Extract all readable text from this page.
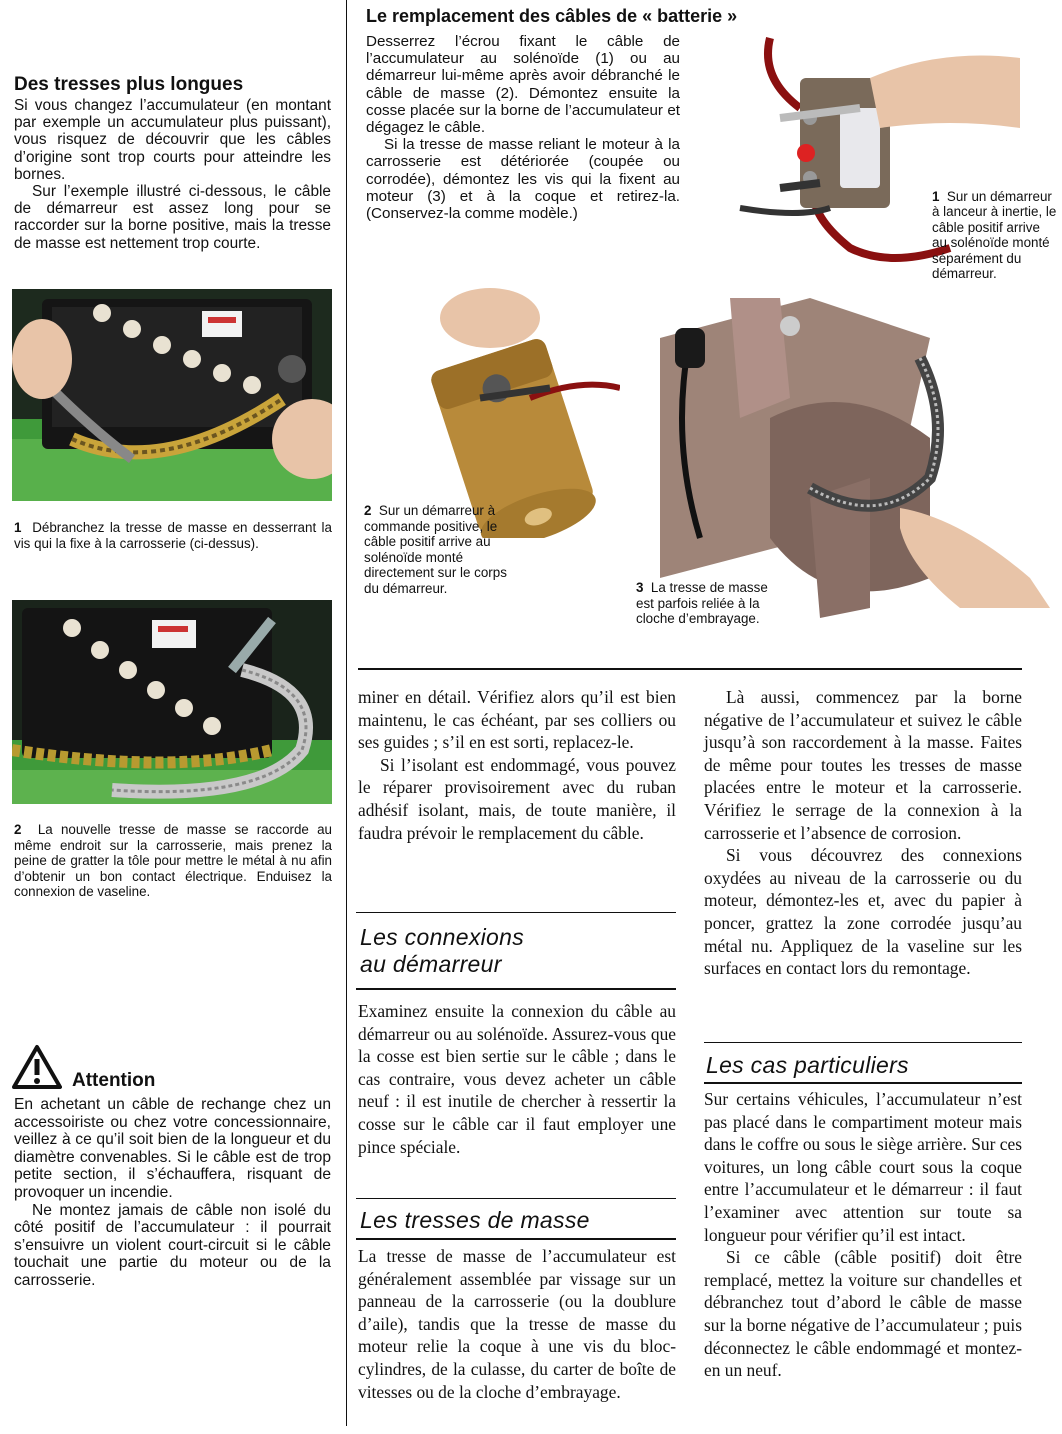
Des tresses plus longues

Si vous changez l’accumulateur (en montant par exemple un accumulateur plus puissant), vous risquez de découvrir que les câbles d’origine sont trop courts pour atteindre les bornes.

Sur l’exemple illustré ci-dessous, le câble de démarreur est assez long pour se raccorder sur la borne positive, mais la tresse de masse est nettement trop courte.

1 Débranchez la tresse de masse en desserrant la vis qui la fixe à la carrosserie (ci-dessus).
2 La nouvelle tresse de masse se raccorde au même endroit sur la carrosserie, mais prenez la peine de gratter la tôle pour mettre le métal à nu afin d’obtenir un bon contact électrique. Enduisez la connexion de vaseline.
Attention

En achetant un câble de rechange chez un accessoiriste ou chez votre concessionnaire, veillez à ce qu’il soit bien de la longueur et du diamètre convenables. Si le câble est de trop petite section, il s’échauffera, risquant de provoquer un incendie.

Ne montez jamais de câble non isolé du côté positif de l’accumulateur : il pourrait s’ensuivre un violent court-circuit si le câble touchait une partie du moteur ou de la carrosserie.

Le remplacement des câbles de « batterie »

Desserrez l’écrou fixant le câble de l’accumulateur au solénoïde (1) ou au démarreur lui-même après avoir débranché le câble de masse (2). Démontez ensuite la cosse placée sur la borne de l’accumulateur et dégagez le câble.

Si la tresse de masse reliant le moteur à la carrosserie est détériorée (coupée ou corrodée), démontez les vis qui la fixent au moteur (3) et à la coque et retirez-la. (Conservez-la comme modèle.)

1 Sur un démarreur à lanceur à inertie, le câble positif arrive au solénoïde monté séparément du démarreur.
2 Sur un démarreur à commande positive, le câble positif arrive au solénoïde monté directement sur le corps du démarreur.	3 La tresse de masse est parfois reliée à la cloche d’embrayage.

miner en détail. Vérifiez alors qu’il est bien maintenu, le cas échéant, par ses colliers ou ses guides ; s’il en est sorti, replacez-le.

Si l’isolant est endommagé, vous pouvez le réparer provisoirement avec du ruban adhésif isolant, mais, de toute manière, il faudra prévoir le remplacement du câble.

Les connexions
au démarreur

Examinez ensuite la connexion du câble au démarreur ou au solénoïde. Assurez-vous que la cosse est bien sertie sur le câble ; dans le cas contraire, vous devez acheter un câble neuf : il est inutile de chercher à ressertir la cosse sur le câble car il faut employer une pince spéciale.

Les tresses de masse

La tresse de masse de l’accumulateur est généralement assemblée par vissage sur un panneau de la carrosserie (ou la doublure d’aile), tandis que la tresse de masse du moteur relie la coque à une vis du bloc-cylindres, de la culasse, du carter de boîte de vitesses ou de la cloche d’embrayage.

Là aussi, commencez par la borne négative de l’accumulateur et suivez le câble jusqu’à son raccordement à la masse. Faites de même pour toutes les tresses de masse placées entre le moteur et la carrosserie. Vérifiez le serrage de la connexion à la carrosserie et l’absence de corrosion.

Si vous découvrez des connexions oxydées au niveau de la carrosserie ou du moteur, démontez-les et, avec du papier à poncer, grattez la zone corrodée jusqu’au métal nu. Appliquez de la vaseline sur les surfaces en contact lors du remontage.

Les cas particuliers

Sur certains véhicules, l’accumulateur n’est pas placé dans le compartiment moteur mais dans le coffre ou sous le siège arrière. Sur ces voitures, un long câble court sous la coque entre l’accumulateur et le démarreur : il faut l’examiner avec attention sur toute sa longueur pour vérifier qu’il est intact.

Si ce câble (câble positif) doit être remplacé, mettez la voiture sur chandelles et débranchez tout d’abord le câble de masse sur la borne négative de l’accumulateur ; puis déconnectez le câble endommagé et montez-en un neuf.
